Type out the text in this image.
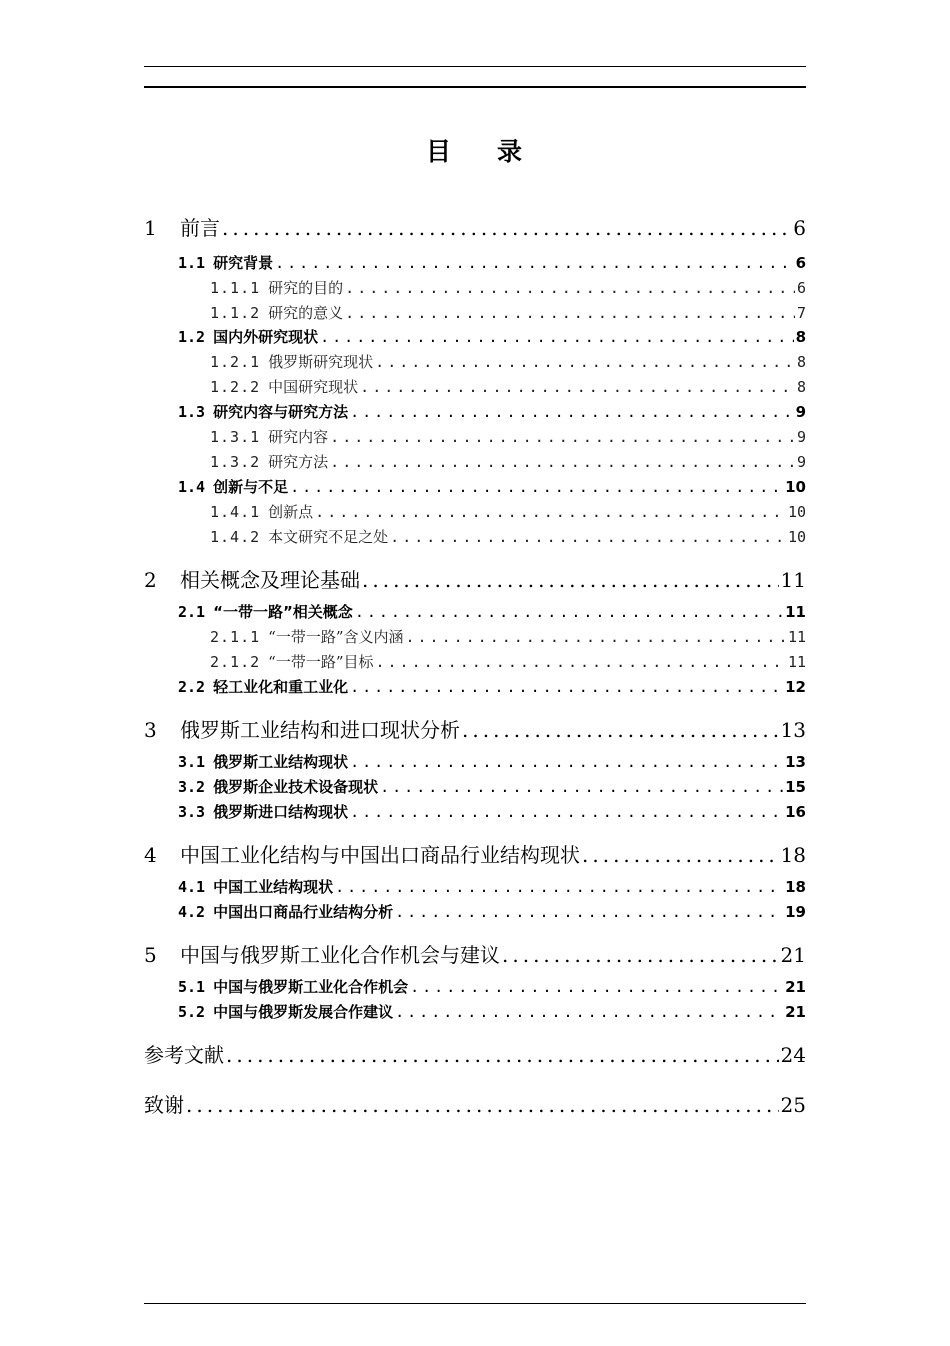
目 录
1	前言 .....	6
1.1 研究背景 .....	6
1.1.1 研究的目的 .....	6
1.1.2 研究的意义 .....	7
1.2 国内外研究现状 .....	8
1.2.1 俄罗斯研究现状 .....	8
1.2.2 中国研究现状 .....	8
1.3 研究内容与研究方法 .....	9
1.3.1 研究内容 .....	9
1.3.2 研究方法 .....	9
1.4 创新与不足 .....	10
1.4.1 创新点 .....	10
1.4.2 本文研究不足之处 .....	10
2	相关概念及理论基础 .....	11
2.1 “一带一路”相关概念 .....	11
2.1.1 “一带一路”含义内涵 .....	11
2.1.2 “一带一路”目标 .....	11
2.2 轻工业化和重工业化 .....	12
3	俄罗斯工业结构和进口现状分析 .....	13
3.1 俄罗斯工业结构现状 .....	13
3.2 俄罗斯企业技术设备现状 .....	15
3.3 俄罗斯进口结构现状 .....	16
4	中国工业化结构与中国出口商品行业结构现状 .....	18
4.1 中国工业结构现状 .....	18
4.2 中国出口商品行业结构分析 .....	19
5	中国与俄罗斯工业化合作机会与建议 .....	21
5.1 中国与俄罗斯工业化合作机会 .....	21
5.2 中国与俄罗斯发展合作建议 .....	21
参考文献 .....	24
致谢 .....	25
